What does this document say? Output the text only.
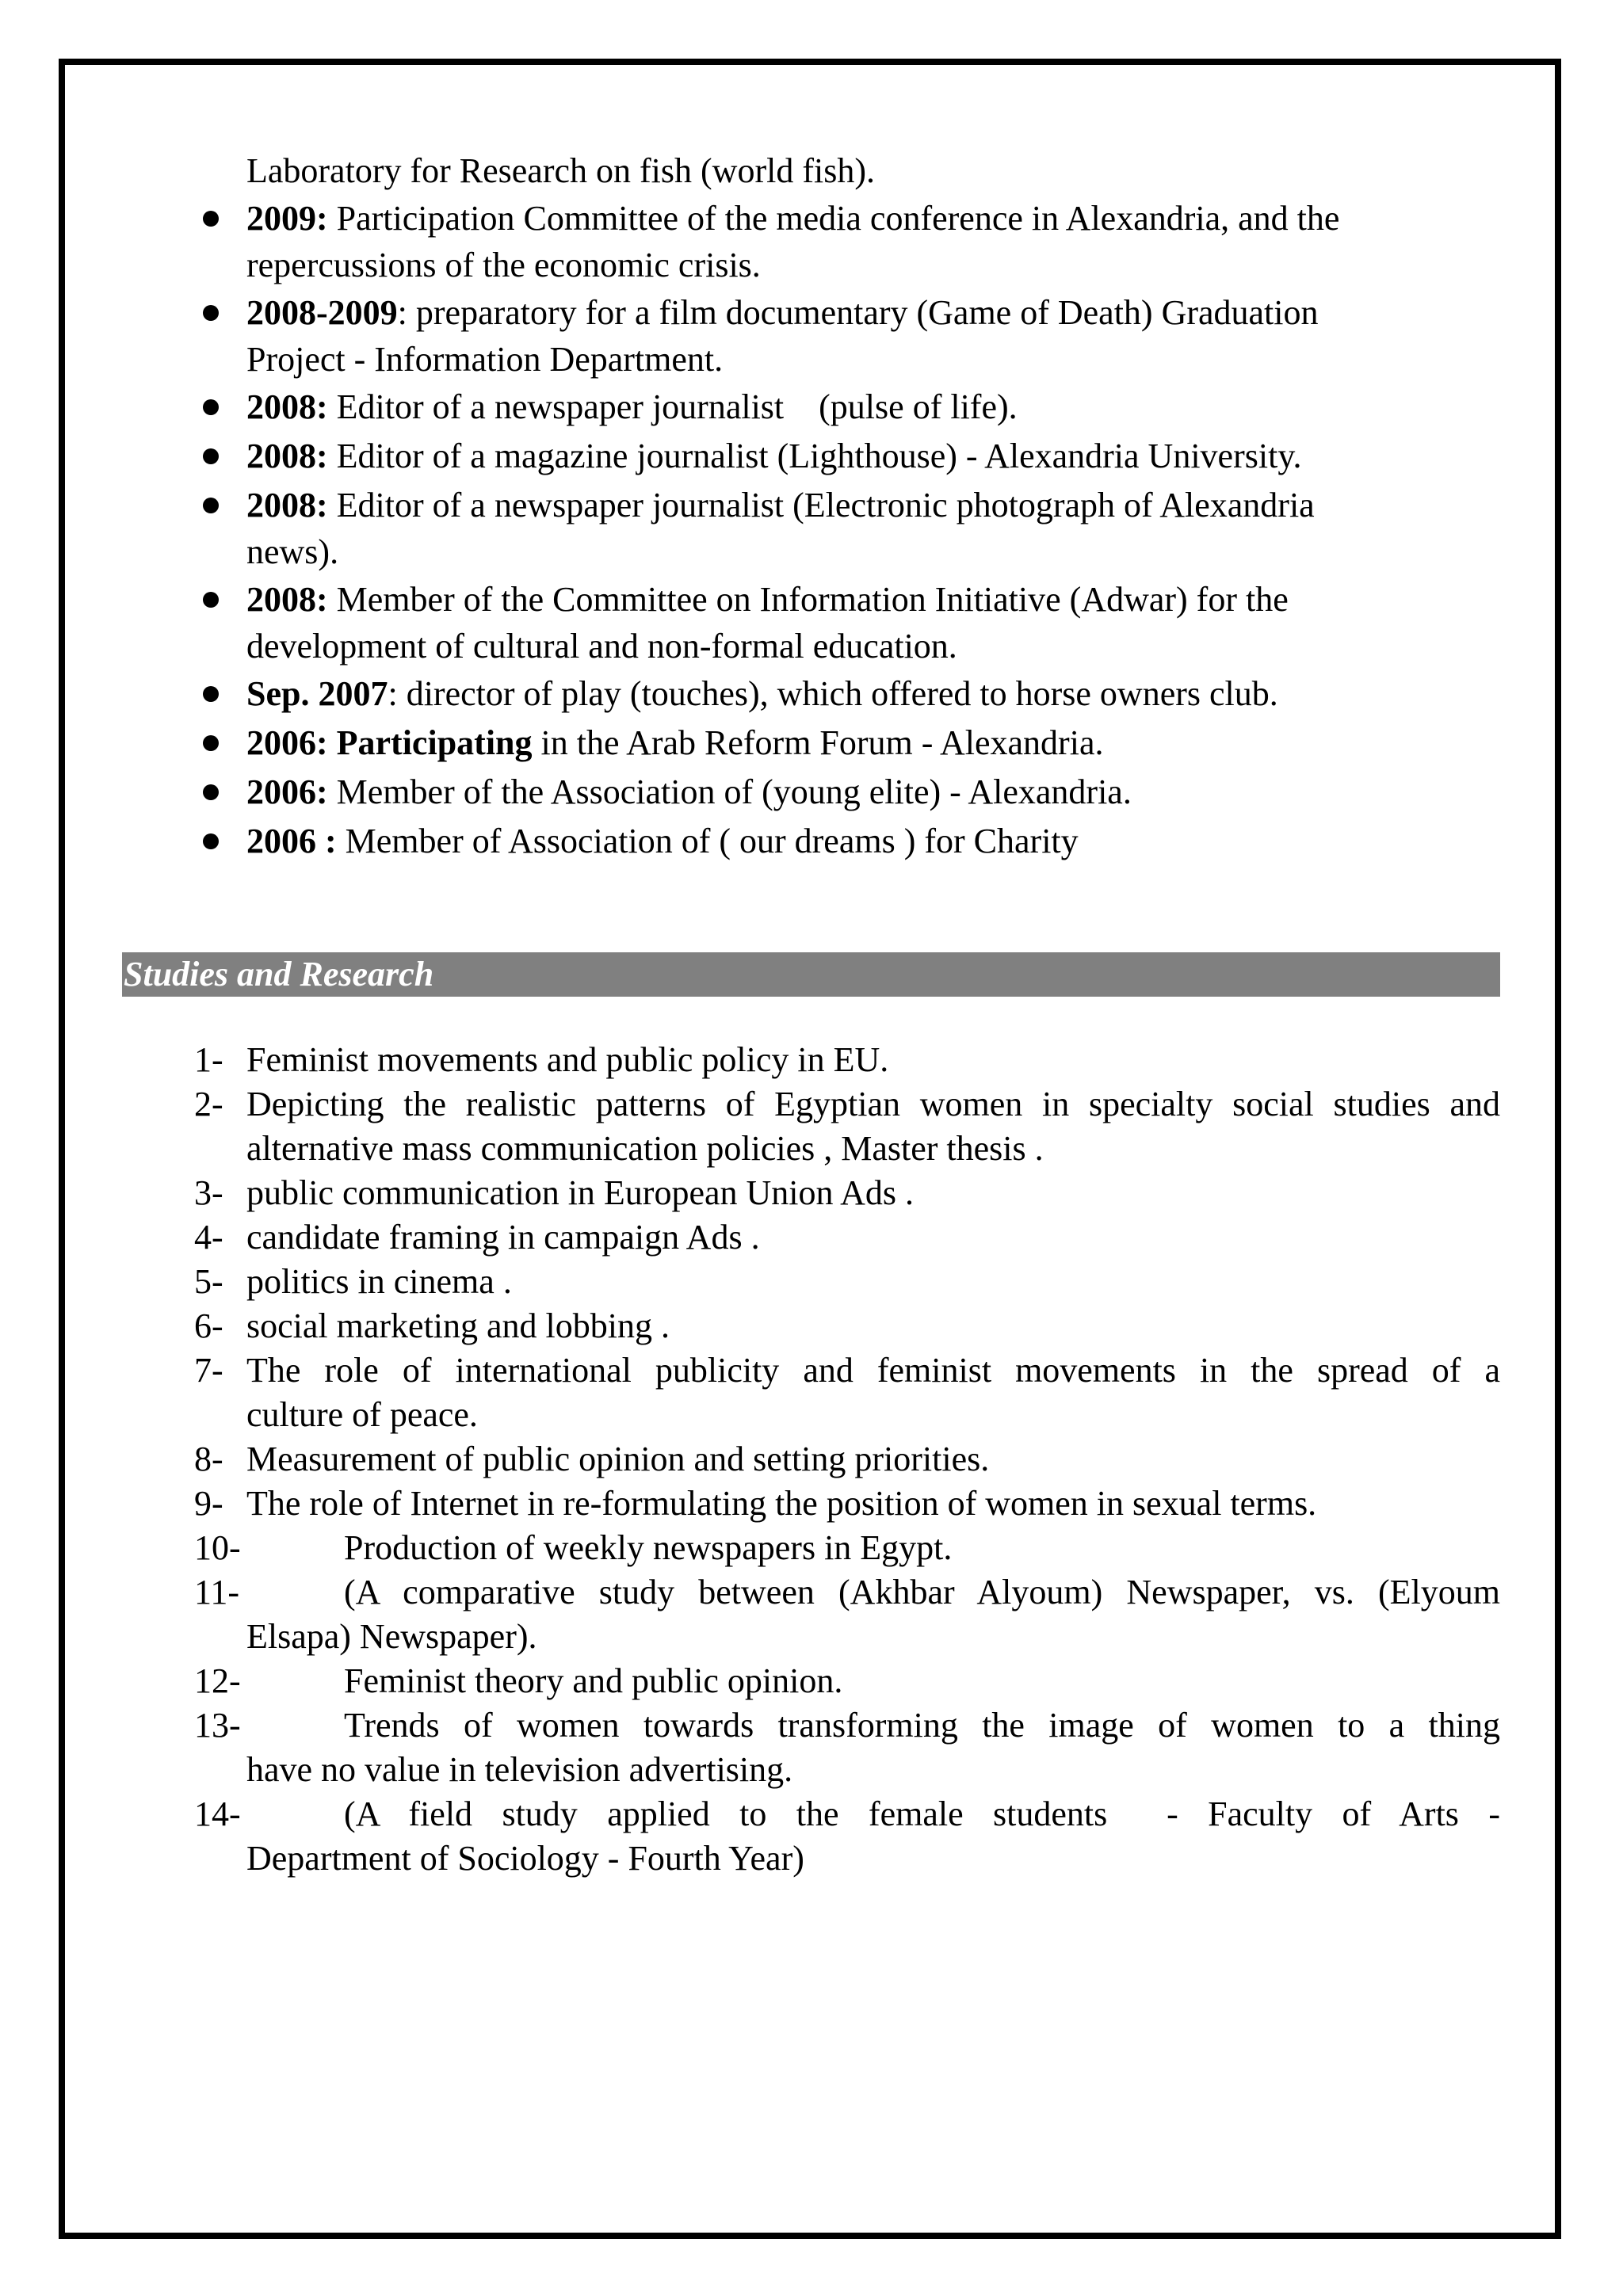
Laboratory for Research on fish (world fish).
2009: Participation Committee of the media conference in Alexandria, and the
repercussions of the economic crisis.
2008-2009: preparatory for a film documentary (Game of Death) Graduation
Project - Information Department.
2008: Editor of a newspaper journalist    (pulse of life).
2008: Editor of a magazine journalist (Lighthouse) - Alexandria University.
2008: Editor of a newspaper journalist (Electronic photograph of Alexandria
news).
2008: Member of the Committee on Information Initiative (Adwar) for the
development of cultural and non-formal education.
Sep. 2007: director of play (touches), which offered to horse owners club.
2006: Participating in the Arab Reform Forum - Alexandria.
2006: Member of the Association of (young elite) - Alexandria.
2006 : Member of Association of ( our dreams ) for Charity
Studies and Research
1- Feminist movements and public policy in EU.
2- Depicting the realistic patterns of Egyptian women in specialty social studies and
alternative mass communication policies , Master thesis .
3- public communication in European Union Ads .
4- candidate framing in campaign Ads .
5- politics in cinema .
6- social marketing and lobbing .
7- The role of international publicity and feminist movements in the spread of a
culture of peace.
8- Measurement of public opinion and setting priorities.
9- The role of Internet in re-formulating the position of women in sexual terms.
10-	Production of weekly newspapers in Egypt.
11-	(A comparative study between (Akhbar Alyoum) Newspaper, vs. (Elyoum
Elsapa) Newspaper).
12-	Feminist theory and public opinion.
13-	Trends of women towards transforming the image of women to a thing
have no value in television advertising.
14-	(A field study applied to the female students  - Faculty of Arts -
Department of Sociology - Fourth Year)
